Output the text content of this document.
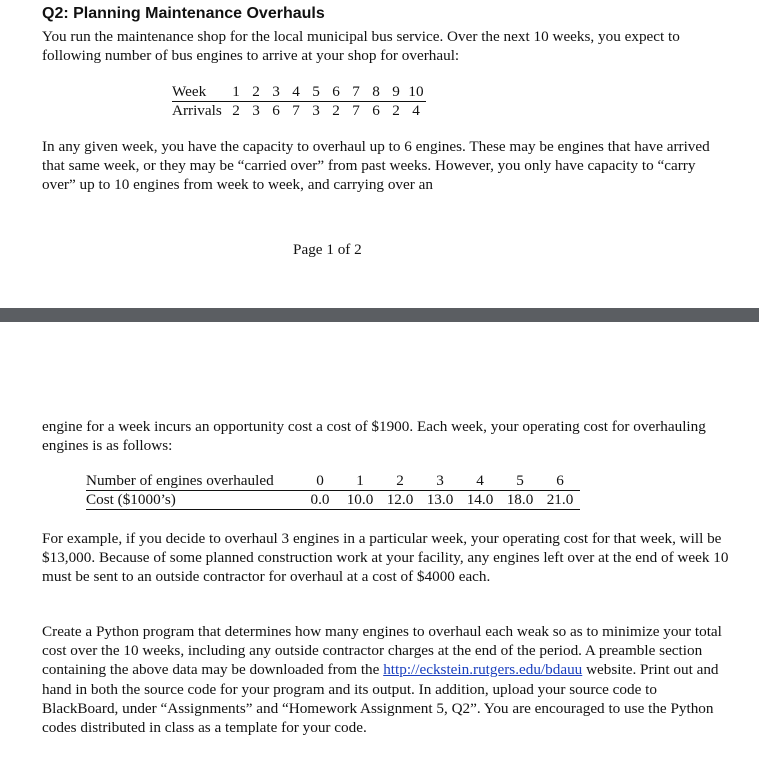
Q2: Planning Maintenance Overhauls

You run the maintenance shop for the local municipal bus service. Over the next 10 weeks, you expect to following number of bus engines to arrive at your shop for overhaul:

Week	1	2	3	4	5	6	7	8	9	10
Arrivals	2	3	6	7	3	2	7	6	2	4

In any given week, you have the capacity to overhaul up to 6 engines. These may be engines that have arrived that same week, or they may be “carried over” from past weeks. However, you only have capacity to “carry over” up to 10 engines from week to week, and carrying over an

Page 1 of 2

engine for a week incurs an opportunity cost a cost of $1900. Each week, your operating cost for overhauling engines is as follows:

Number of engines overhauled	0	1	2	3	4	5	6
Cost ($1000’s)	0.0	10.0	12.0	13.0	14.0	18.0	21.0

For example, if you decide to overhaul 3 engines in a particular week, your operating cost for that week, will be $13,000. Because of some planned construction work at your facility, any engines left over at the end of week 10 must be sent to an outside contractor for overhaul at a cost of $4000 each.

Create a Python program that determines how many engines to overhaul each weak so as to minimize your total cost over the 10 weeks, including any outside contractor charges at the end of the period. A preamble section containing the above data may be downloaded from the http://eckstein.rutgers.edu/bdauu website. Print out and hand in both the source code for your program and its output. In addition, upload your source code to BlackBoard, under “Assignments” and “Homework Assignment 5, Q2”. You are encouraged to use the Python codes distributed in class as a template for your code.
